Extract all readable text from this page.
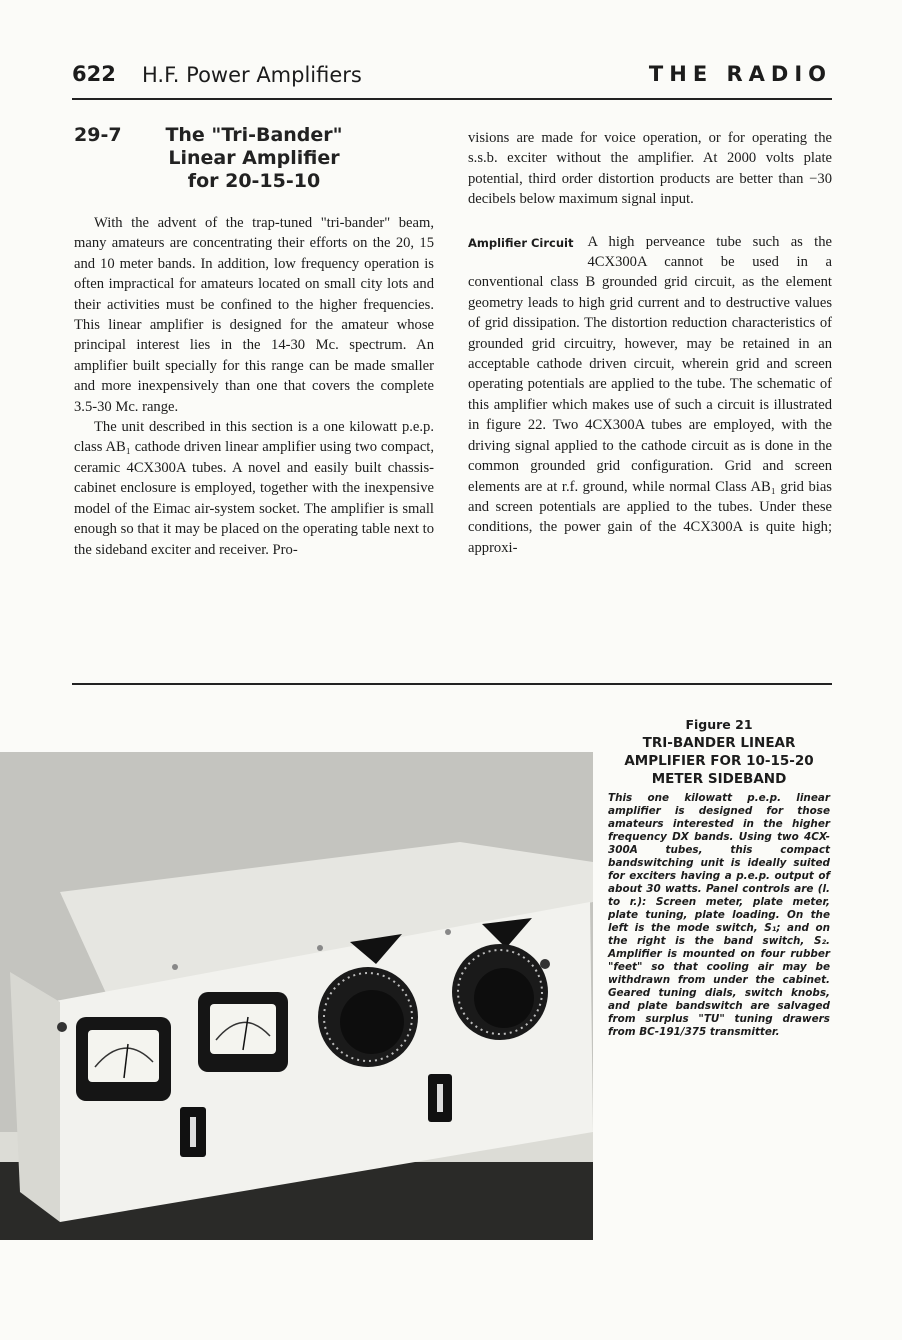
622 H.F. Power Amplifiers	THE RADIO
29-7	The "Tri-Bander"
Linear Amplifier
for 20-15-10

With the advent of the trap-tuned "tri-bander" beam, many amateurs are concentrating their efforts on the 20, 15 and 10 meter bands. In addition, low frequency operation is often impractical for amateurs located on small city lots and their activities must be confined to the higher frequencies. This linear amplifier is designed for the amateur whose principal interest lies in the 14-30 Mc. spectrum. An amplifier built specially for this range can be made smaller and more inexpensively than one that covers the complete 3.5-30 Mc. range.

The unit described in this section is a one kilowatt p.e.p. class AB₁ cathode driven linear amplifier using two compact, ceramic 4CX300A tubes. A novel and easily built chassis-cabinet enclosure is employed, together with the inexpensive model of the Eimac air-system socket. The amplifier is small enough so that it may be placed on the operating table next to the sideband exciter and receiver. Pro-

visions are made for voice operation, or for operating the s.s.b. exciter without the amplifier. At 2000 volts plate potential, third order distortion products are better than −30 decibels below maximum signal input.

Amplifier Circuit A high perveance tube such as the 4CX300A cannot be used in a conventional class B grounded grid circuit, as the element geometry leads to high grid current and to destructive values of grid dissipation. The distortion reduction characteristics of grounded grid circuitry, however, may be retained in an acceptable cathode driven circuit, wherein grid and screen operating potentials are applied to the tube. The schematic of this amplifier which makes use of such a circuit is illustrated in figure 22. Two 4CX300A tubes are employed, with the driving signal applied to the cathode circuit as is done in the common grounded grid configuration. Grid and screen elements are at r.f. ground, while normal Class AB₁ grid bias and screen potentials are applied to the tubes. Under these conditions, the power gain of the 4CX300A is quite high; approxi-

Figure 21
TRI-BANDER LINEAR AMPLIFIER FOR 10-15-20 METER SIDEBAND

This one kilowatt p.e.p. linear amplifier is designed for those amateurs interested in the higher frequency DX bands. Using two 4CX-300A tubes, this compact bandswitching unit is ideally suited for exciters having a p.e.p. output of about 30 watts. Panel controls are (l. to r.): Screen meter, plate meter, plate tuning, plate loading. On the left is the mode switch, S₁; and on the right is the band switch, S₂. Amplifier is mounted on four rubber "feet" so that cooling air may be withdrawn from under the cabinet. Geared tuning dials, switch knobs, and plate bandswitch are salvaged from surplus "TU" tuning drawers from BC-191/375 transmitter.
